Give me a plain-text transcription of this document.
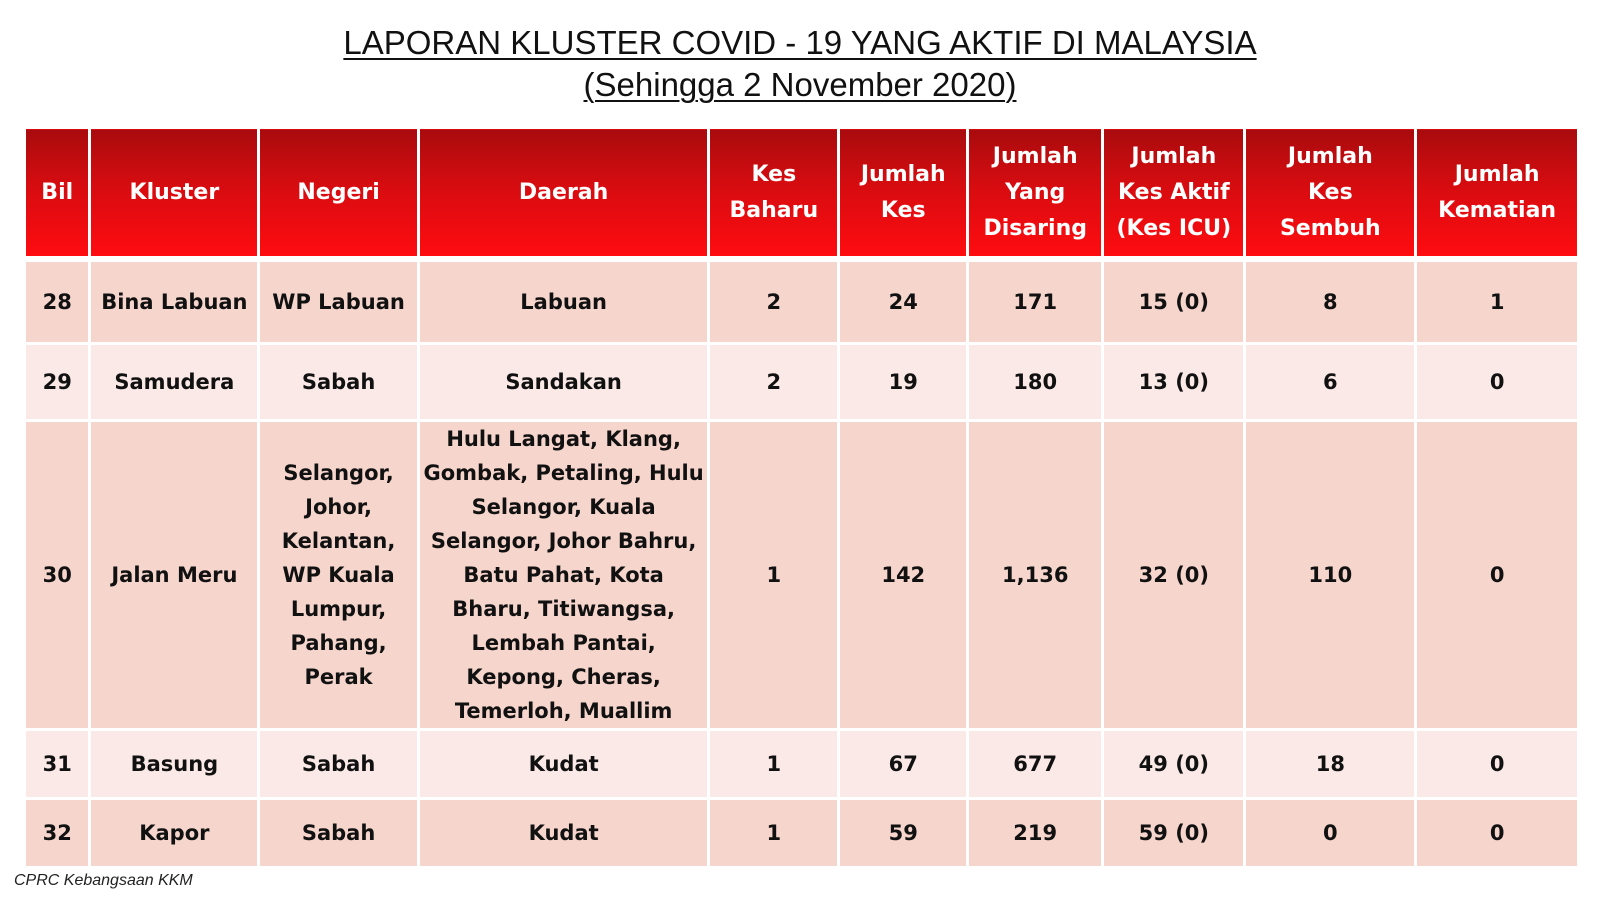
LAPORAN KLUSTER COVID - 19 YANG AKTIF DI MALAYSIA
(Sehingga 2 November 2020)
Bil	Kluster	Negeri	Daerah	Kes Baharu	Jumlah Kes	Jumlah Yang Disaring	Jumlah Kes Aktif (Kes ICU)	Jumlah Kes Sembuh	Jumlah Kematian
28	Bina Labuan	WP Labuan	Labuan	2	24	171	15 (0)	8	1
29	Samudera	Sabah	Sandakan	2	19	180	13 (0)	6	0
30	Jalan Meru	Selangor, Johor, Kelantan, WP Kuala Lumpur, Pahang, Perak	Hulu Langat, Klang, Gombak, Petaling, Hulu Selangor, Kuala Selangor, Johor Bahru, Batu Pahat, Kota Bharu, Titiwangsa, Lembah Pantai, Kepong, Cheras, Temerloh, Muallim	1	142	1,136	32 (0)	110	0
31	Basung	Sabah	Kudat	1	67	677	49 (0)	18	0
32	Kapor	Sabah	Kudat	1	59	219	59 (0)	0	0
CPRC Kebangsaan KKM
